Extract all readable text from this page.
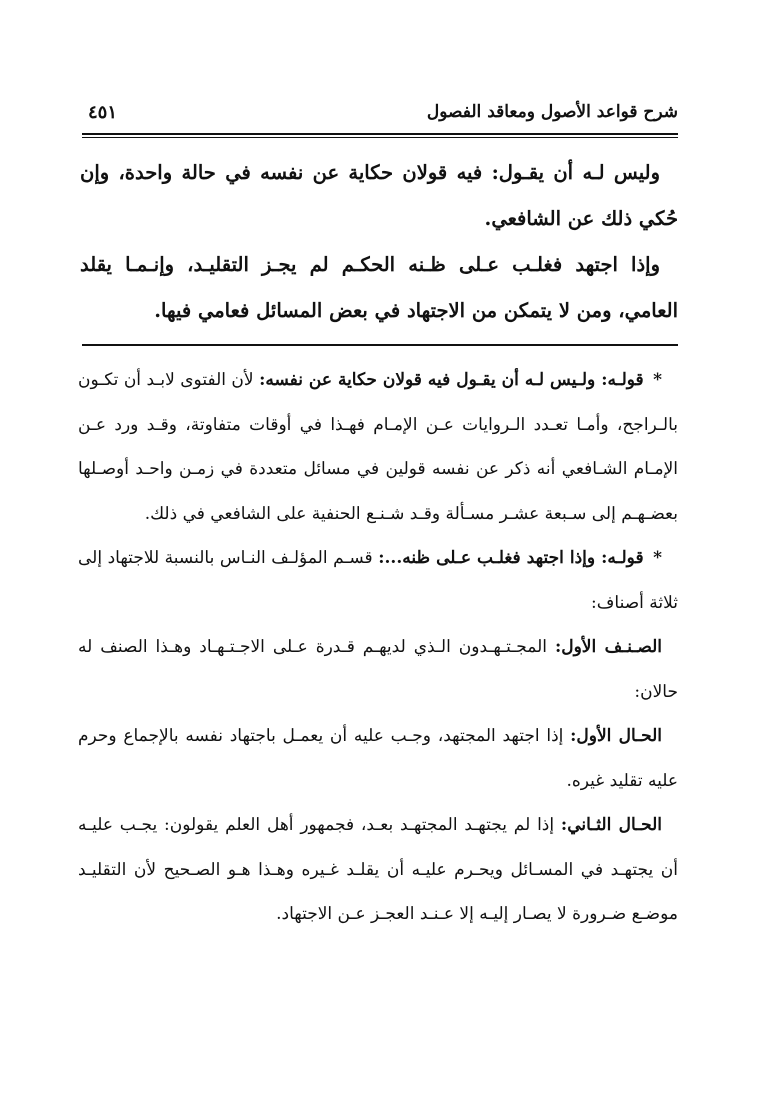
شرح قواعد الأصول ومعاقد الفصول
٤٥١

وليس لـه أن يقـول: فيه قولان حكاية عن نفسه في حالة واحدة، وإن حُكي ذلك عن الشافعي.

وإذا اجتهد فغلـب عـلى ظـنه الحكـم لم يجـز التقليـد، وإنـمـا يقلد العامي، ومن لا يتمكن من الاجتهاد في بعض المسائل فعامي فيها.

* قولـه: ولـيس لـه أن يقـول فيه قولان حكاية عن نفسه: لأن الفتوى لابـد أن تكـون بالـراجح، وأمـا تعـدد الـروايات عـن الإمـام فهـذا في أوقات متفاوتة، وقـد ورد عـن الإمـام الشـافعي أنه ذكر عن نفسه قولين في مسائل متعددة في زمـن واحـد أوصـلها بعضـهـم إلى سـبعة عشـر مسـألة وقـد شـنـع الحنفية على الشافعي في ذلك.

* قولـه: وإذا اجتهد فغلـب عـلى ظنه...: قسـم المؤلـف النـاس بالنسبة للاجتهاد إلى ثلاثة أصناف:

الصـنـف الأول: المجـتـهـدون الـذي لديهـم قـدرة عـلى الاجـتـهـاد وهـذا الصنف له حالان:

الحـال الأول: إذا اجتهد المجتهد، وجـب عليه أن يعمـل باجتهاد نفسه بالإجماع وحرم عليه تقليد غيره.

الحـال الثـاني: إذا لم يجتهـد المجتهـد بعـد، فجمهور أهل العلم يقولون: يجـب عليـه أن يجتهـد في المسـائل ويحـرم عليـه أن يقلـد غـيره وهـذا هـو الصـحيح لأن التقليـد موضـع ضـرورة لا يصـار إليـه إلا عـنـد العجـز عـن الاجتهاد.
